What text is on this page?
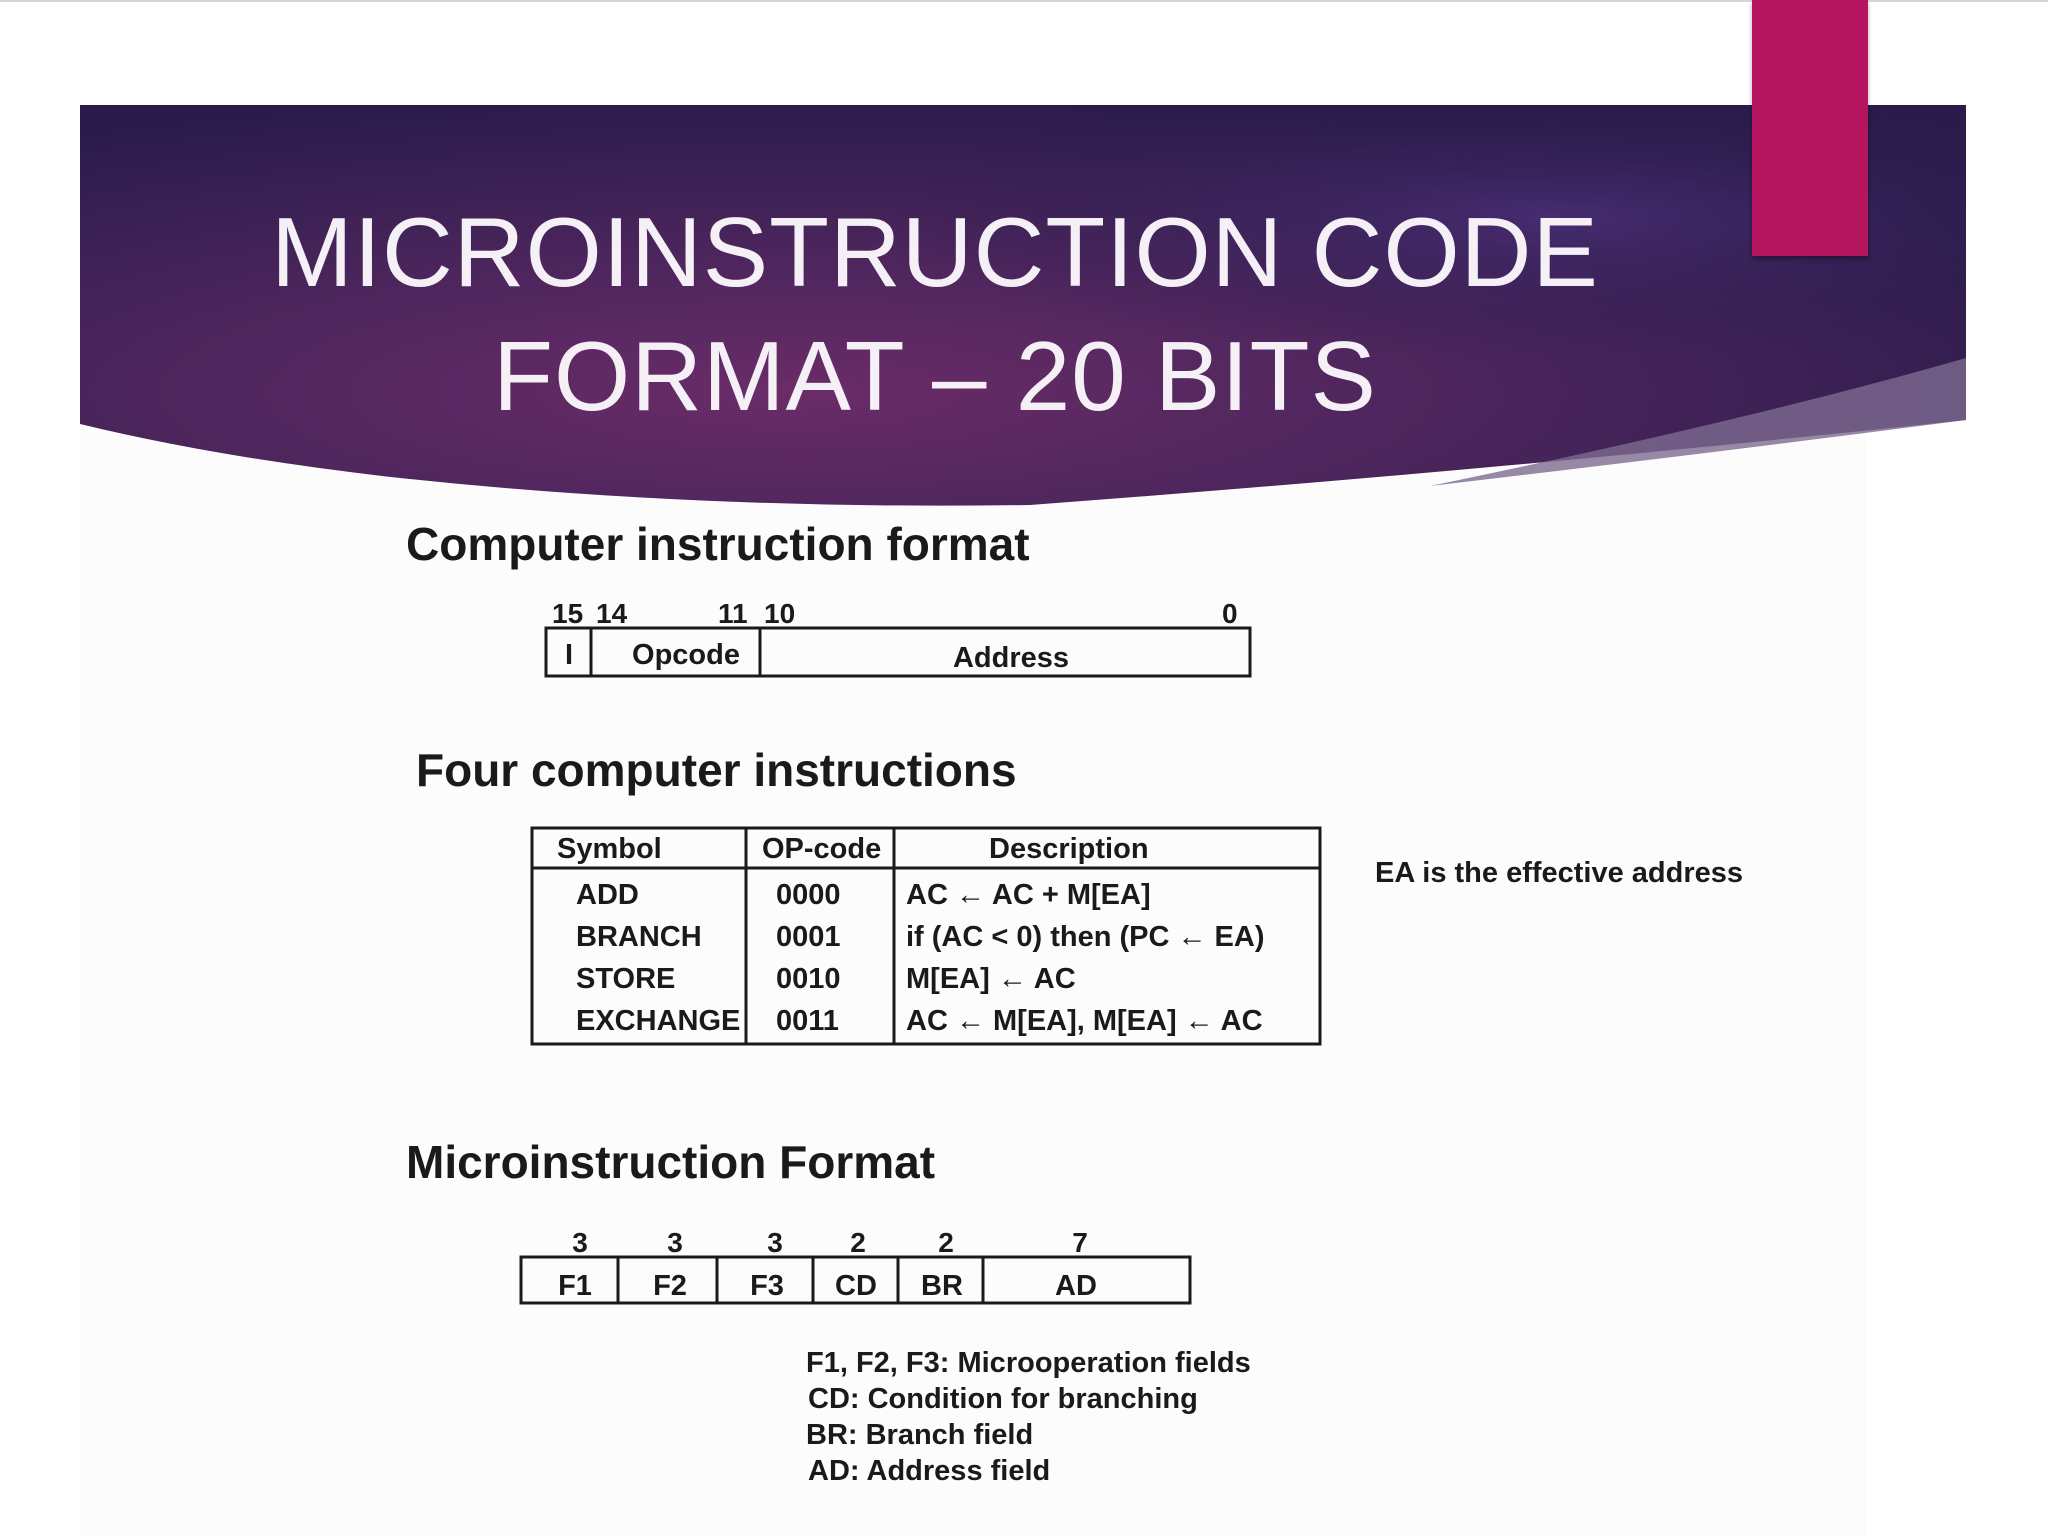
MICROINSTRUCTION CODE
FORMAT – 20 BITS
Computer instruction format
15 14	11 10	0
I Opcode	Address
Four computer instructions
Symbol	OP-code	Description
ADD	0000 AC ← AC + M[EA]
BRANCH	0001 if (AC < 0) then (PC ← EA)
STORE	0010 M[EA] ← AC
EXCHANGE 0011 AC ← M[EA], M[EA] ← AC
EA is the effective address
Microinstruction Format
3	3	3 2	2	7
F1 F2 F3 CD BR	AD
F1, F2, F3: Microoperation fields
CD: Condition for branching
BR: Branch field
AD: Address field
